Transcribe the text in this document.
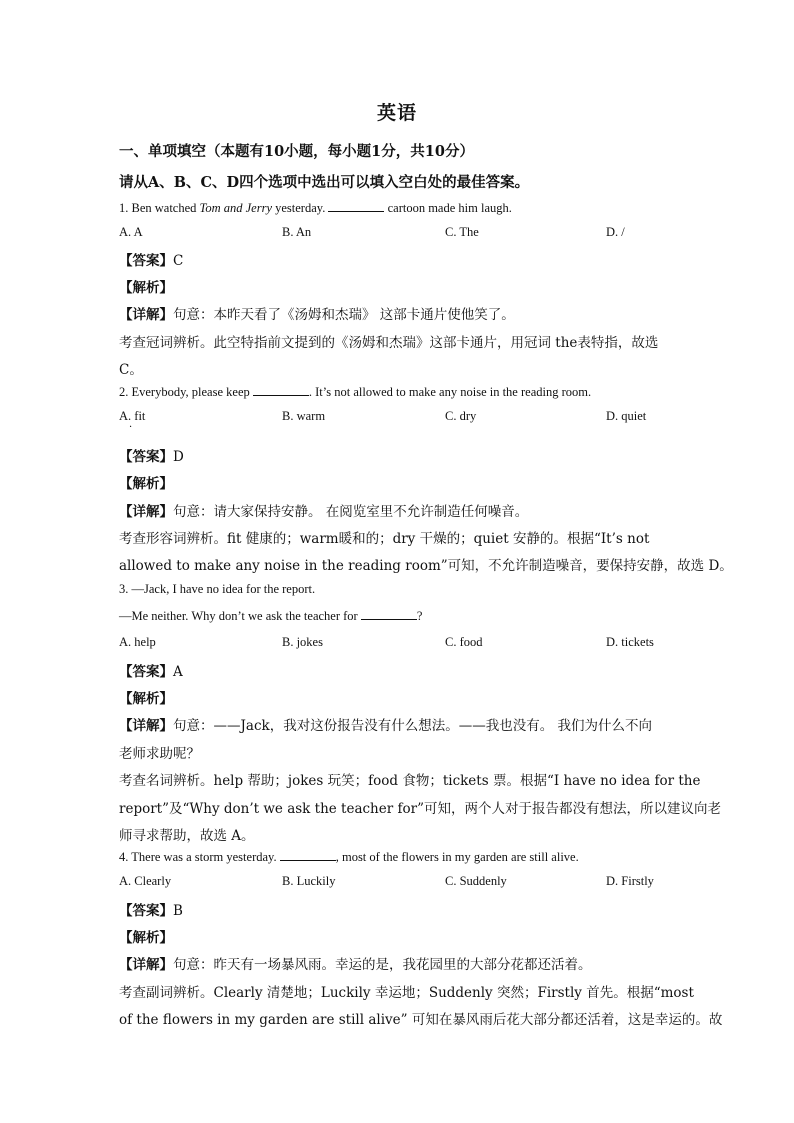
英语
一、单项填空（本题有10小题，每小题1分，共10分）
请从A、B、C、D四个选项中选出可以填入空白处的最佳答案。
1. Ben watched Tom and Jerry yesterday.	cartoon made him laugh.
A. A	B. An	C. The	D. /
【答案】C
【解析】
【详解】句意：本昨天看了《汤姆和杰瑞》 这部卡通片使他笑了。
考查冠词辨析。此空特指前文提到的《汤姆和杰瑞》这部卡通片，用冠词 the表特指，故选
C。
2. Everybody, please keep	. It’s not allowed to make any noise in the reading room.
A. fit	B. warm	C. dry	D. quiet
·
【答案】D
【解析】
【详解】句意：请大家保持安静。 在阅览室里不允许制造任何噪音。
考查形容词辨析。fit 健康的；warm暖和的；dry 干燥的；quiet 安静的。根据“It’s not
allowed to make any noise in the reading room”可知，不允许制造噪音，要保持安静，故选 D。
3. —Jack, I have no idea for the report.
—Me neither. Why don’t we ask the teacher for	?
A. help	B. jokes	C. food	D. tickets
【答案】A
【解析】
【详解】句意：——Jack，我对这份报告没有什么想法。——我也没有。 我们为什么不向
老师求助呢？
考查名词辨析。help 帮助；jokes 玩笑；food 食物；tickets 票。根据“I have no idea for the
report”及“Why don’t we ask the teacher for”可知，两个人对于报告都没有想法，所以建议向老
师寻求帮助，故选 A。
4. There was a storm yesterday.	, most of the flowers in my garden are still alive.
A. Clearly	B. Luckily	C. Suddenly	D. Firstly
【答案】B
【解析】
【详解】句意：昨天有一场暴风雨。幸运的是，我花园里的大部分花都还活着。
考查副词辨析。Clearly 清楚地；Luckily 幸运地；Suddenly 突然；Firstly 首先。根据“most
of the flowers in my garden are still alive” 可知在暴风雨后花大部分都还活着，这是幸运的。故
